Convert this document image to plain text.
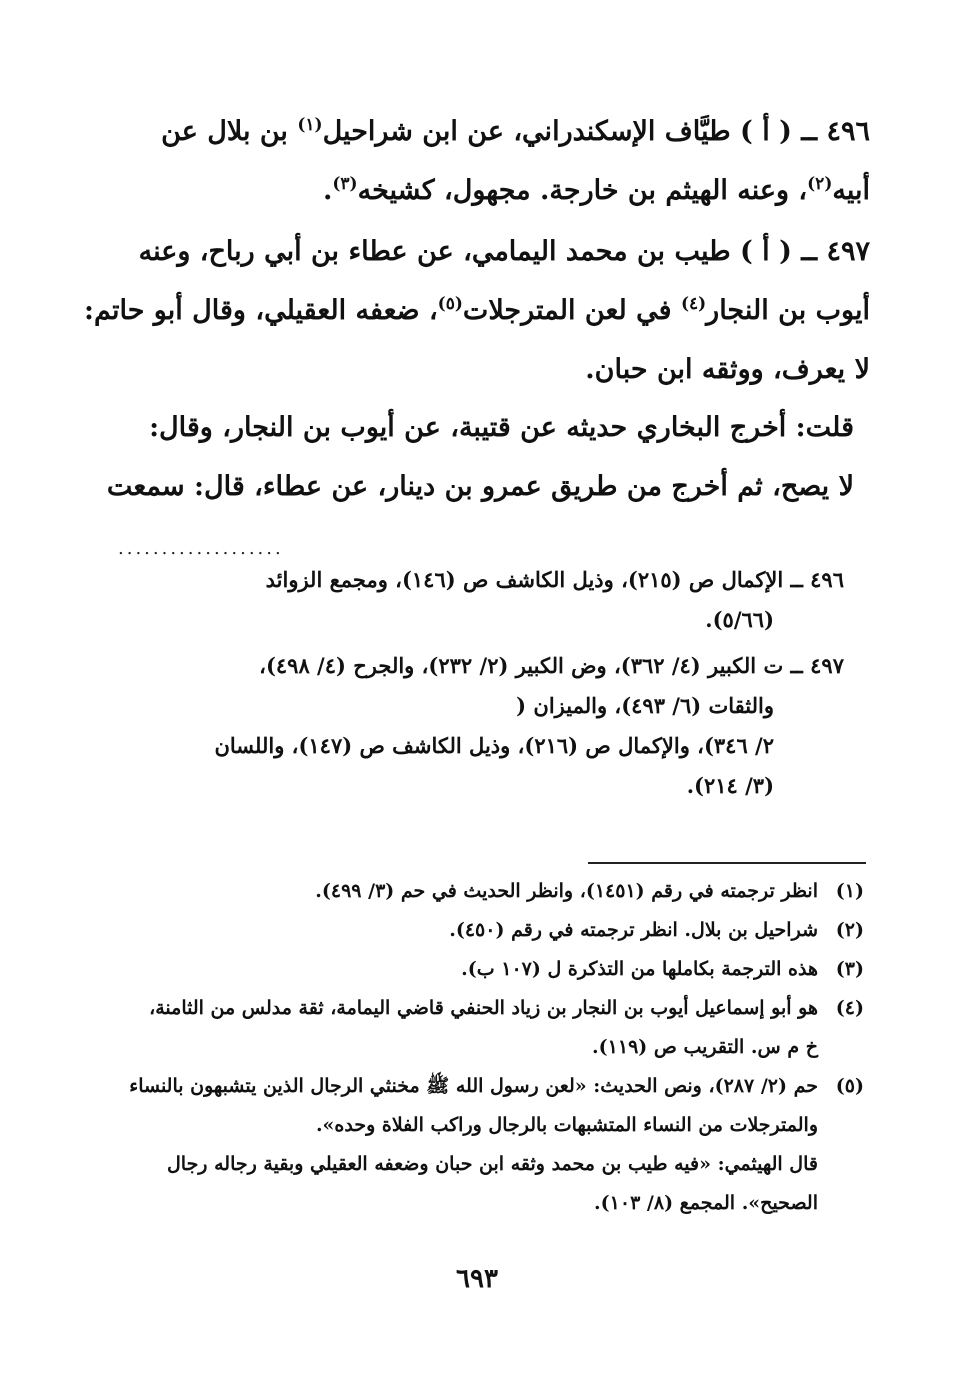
٤٩٦ ــ ( أ ) طيَّاف الإسكندراني، عن ابن شراحيل$^{(١)}$ بن بلال عن

أبيه$^{(٢)}$، وعنه الهيثم بن خارجة. مجهول، كشيخه$^{(٣)}$.

٤٩٧ ــ ( أ ) طيب بن محمد اليمامي، عن عطاء بن أبي رباح، وعنه

أيوب بن النجار$^{(٤)}$ في لعن المترجلات$^{(٥)}$، ضعفه العقيلي، وقال أبو حاتم:

لا يعرف، ووثقه ابن حبان.

قلت: أخرج البخاري حديثه عن قتيبة، عن أيوب بن النجار، وقال:

لا يصح، ثم أخرج من طريق عمرو بن دينار، عن عطاء، قال: سمعت

...................
٤٩٦ ــ الإكمال ص (٢١٥)، وذيل الكاشف ص (١٤٦)، ومجمع الزوائد
(٥/٦٦).
٤٩٧ ــ ت الكبير (٤/ ٣٦٢)، وض الكبير (٢/ ٢٣٢)، والجرح (٤/ ٤٩٨)،
والثقات (٦/ ٤٩٣)، والميزان (
٢/ ٣٤٦)، والإكمال ص (٢١٦)، وذيل الكاشف ص (١٤٧)، واللسان
(٣/ ٢١٤).
(١)
انظر ترجمته في رقم (١٤٥١)، وانظر الحديث في حم (٣/ ٤٩٩).
(٢)
شراحيل بن بلال. انظر ترجمته في رقم (٤٥٠).
(٣)
هذه الترجمة بكاملها من التذكرة ل (١٠٧ ب).
(٤)
هو أبو إسماعيل أيوب بن النجار بن زياد الحنفي قاضي اليمامة، ثقة مدلس من الثامنة،
خ م س. التقريب ص (١١٩).
(٥)
حم (٢/ ٢٨٧)، ونص الحديث: «لعن رسول الله ﷺ مخنثي الرجال الذين يتشبهون بالنساء
والمترجلات من النساء المتشبهات بالرجال وراكب الفلاة وحده».
قال الهيثمي: «فيه طيب بن محمد وثقه ابن حبان وضعفه العقيلي وبقية رجاله رجال
الصحيح». المجمع (٨/ ١٠٣).
٦٩٣
